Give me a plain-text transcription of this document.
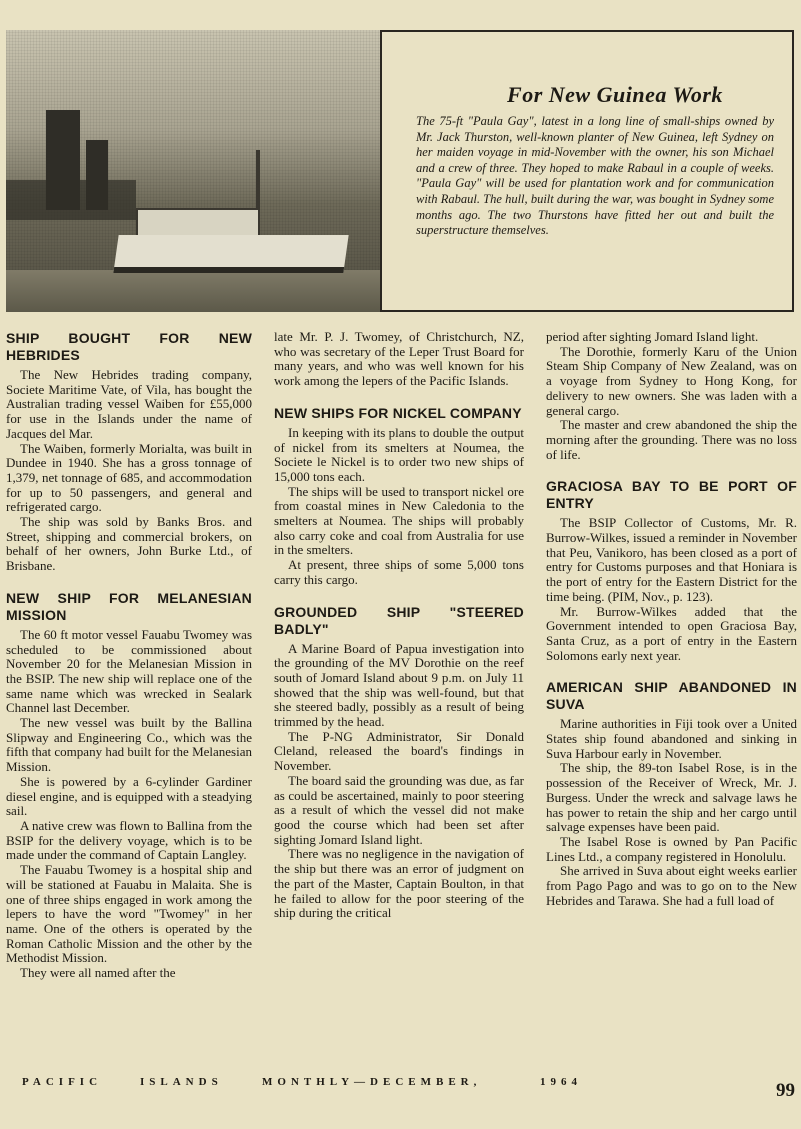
For New Guinea Work
The 75-ft "Paula Gay", latest in a long line of small-ships owned by Mr. Jack Thurston, well-known planter of New Guinea, left Sydney on her maiden voyage in mid-November with the owner, his son Michael and a crew of three. They hoped to make Rabaul in a couple of weeks. "Paula Gay" will be used for plantation work and for communication with Rabaul. The hull, built during the war, was bought in Sydney some months ago. The two Thurstons have fitted her out and built the superstructure themselves.
SHIP BOUGHT FOR NEW HEBRIDES

The New Hebrides trading company, Societe Maritime Vate, of Vila, has bought the Australian trading vessel Waiben for £55,000 for use in the Islands under the name of Jacques del Mar.

The Waiben, formerly Morialta, was built in Dundee in 1940. She has a gross tonnage of 1,379, net tonnage of 685, and accommodation for up to 50 passengers, and general and refrigerated cargo.

The ship was sold by Banks Bros. and Street, shipping and commercial brokers, on behalf of her owners, John Burke Ltd., of Brisbane.

NEW SHIP FOR MELANESIAN MISSION

The 60 ft motor vessel Fauabu Twomey was scheduled to be commissioned about November 20 for the Melanesian Mission in the BSIP. The new ship will replace one of the same name which was wrecked in Sealark Channel last December.

The new vessel was built by the Ballina Slipway and Engineering Co., which was the fifth that company had built for the Melanesian Mission.

She is powered by a 6-cylinder Gardiner diesel engine, and is equipped with a steadying sail.

A native crew was flown to Ballina from the BSIP for the delivery voyage, which is to be made under the command of Captain Langley.

The Fauabu Twomey is a hospital ship and will be stationed at Fauabu in Malaita. She is one of three ships engaged in work among the lepers to have the word "Twomey" in her name. One of the others is operated by the Roman Catholic Mission and the other by the Methodist Mission.

They were all named after the

late Mr. P. J. Twomey, of Christchurch, NZ, who was secretary of the Leper Trust Board for many years, and who was well known for his work among the lepers of the Pacific Islands.

NEW SHIPS FOR NICKEL COMPANY

In keeping with its plans to double the output of nickel from its smelters at Noumea, the Societe le Nickel is to order two new ships of 15,000 tons each.

The ships will be used to transport nickel ore from coastal mines in New Caledonia to the smelters at Noumea. The ships will probably also carry coke and coal from Australia for use in the smelters.

At present, three ships of some 5,000 tons carry this cargo.

GROUNDED SHIP "STEERED BADLY"

A Marine Board of Papua investigation into the grounding of the MV Dorothie on the reef south of Jomard Island about 9 p.m. on July 11 showed that the ship was well-found, but that she steered badly, possibly as a result of being trimmed by the head.

The P-NG Administrator, Sir Donald Cleland, released the board's findings in November.

The board said the grounding was due, as far as could be ascertained, mainly to poor steering as a result of which the vessel did not make good the course which had been set after sighting Jomard Island light.

There was no negligence in the navigation of the ship but there was an error of judgment on the part of the Master, Captain Boulton, in that he failed to allow for the poor steering of the ship during the critical

period after sighting Jomard Island light.

The Dorothie, formerly Karu of the Union Steam Ship Company of New Zealand, was on a voyage from Sydney to Hong Kong, for delivery to new owners. She was laden with a general cargo.

The master and crew abandoned the ship the morning after the grounding. There was no loss of life.

GRACIOSA BAY TO BE PORT OF ENTRY

The BSIP Collector of Customs, Mr. R. Burrow-Wilkes, issued a reminder in November that Peu, Vanikoro, has been closed as a port of entry for Customs purposes and that Honiara is the port of entry for the Eastern District for the time being. (PIM, Nov., p. 123).

Mr. Burrow-Wilkes added that the Government intended to open Graciosa Bay, Santa Cruz, as a port of entry in the Eastern Solomons early next year.

AMERICAN SHIP ABANDONED IN SUVA

Marine authorities in Fiji took over a United States ship found abandoned and sinking in Suva Harbour early in November.

The ship, the 89-ton Isabel Rose, is in the possession of the Receiver of Wreck, Mr. J. Burgess. Under the wreck and salvage laws he has power to retain the ship and her cargo until salvage expenses have been paid.

The Isabel Rose is owned by Pan Pacific Lines Ltd., a company registered in Honolulu.

She arrived in Suva about eight weeks earlier from Pago Pago and was to go on to the New Hebrides and Tarawa. She had a full load of

PACIFIC	ISLANDS	MONTHLY—DECEMBER,	1964	99
